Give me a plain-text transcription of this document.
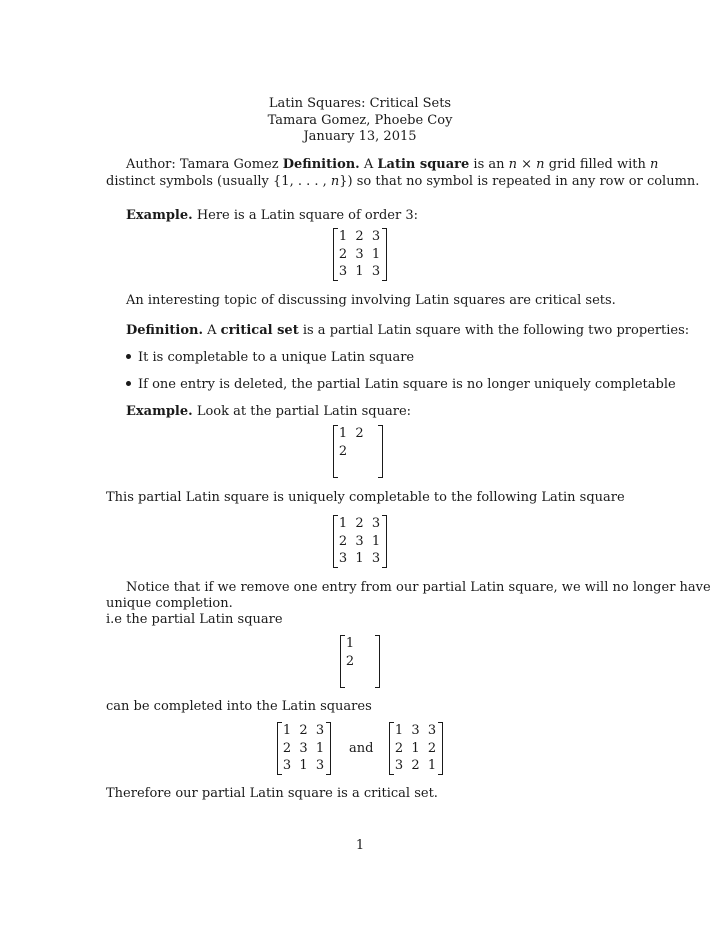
Latin Squares: Critical Sets
Tamara Gomez, Phoebe Coy
January 13, 2015
Author: Tamara Gomez Definition. A Latin square is an n × n grid filled with n
distinct symbols (usually {1, . . . , n}) so that no symbol is repeated in any row or column.
Example. Here is a Latin square of order 3:
1 2 3
2 3 1
3 1 3
An interesting topic of discussing involving Latin squares are critical sets.
Definition. A critical set is a partial Latin square with the following two properties:
It is completable to a unique Latin square
If one entry is deleted, the partial Latin square is no longer uniquely completable
Example. Look at the partial Latin square:
1 2
2
This partial Latin square is uniquely completable to the following Latin square
1 2 3
2 3 1
3 1 3
Notice that if we remove one entry from our partial Latin square, we will no longer have
unique completion.
i.e the partial Latin square
1
2
can be completed into the Latin squares
1 2 3
2 3 1
3 1 3
and
1 3 3
2 1 2
3 2 1
Therefore our partial Latin square is a critical set.
1
